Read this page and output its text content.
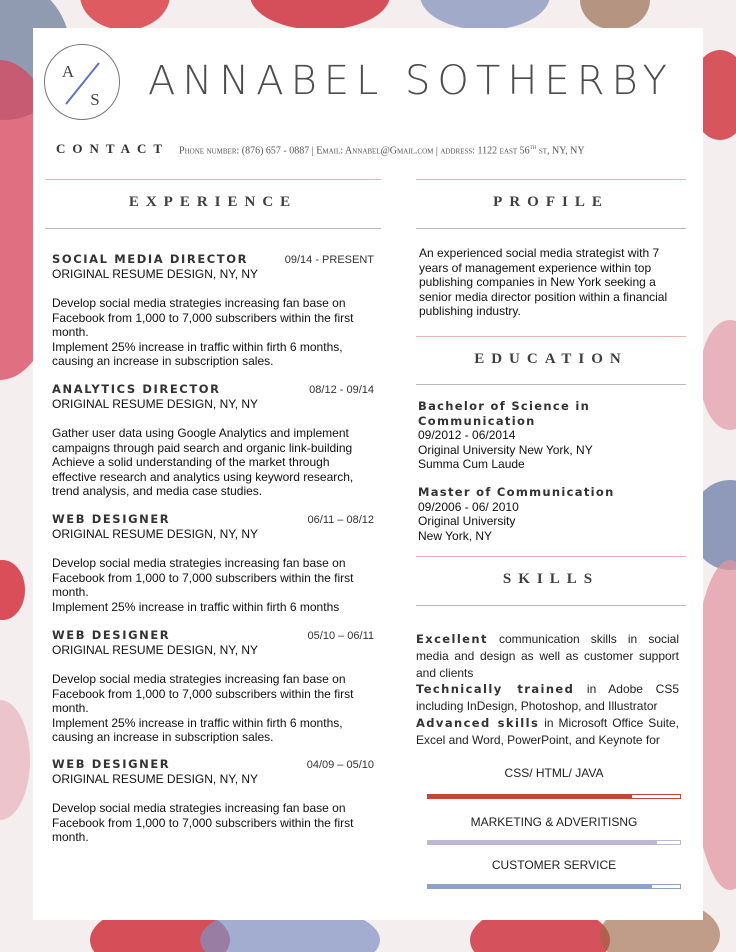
A
S ANNABEL SOTHERBY
CONTACT Phone number: (876) 657 - 0887 | Email: Annabel@Gmail.com | address: 1122 east 56th st, NY, NY
EXPERIENCE	PROFILE
An experienced social media strategist with 7 years of management experience within top publishing companies in New York seeking a senior media director position within a financial publishing industry.
EDUCATION
Bachelor of Science in Communication
09/2012 - 06/2014
Original University New York, NY
Summa Cum Laude
Master of Communication
09/2006 - 06/ 2010
Original University
New York, NY
SKILLS
Excellent communication skills in social media and design as well as customer support and clients
Technically trained in Adobe CS5 including InDesign, Photoshop, and Illustrator
Advanced skills in Microsoft Office Suite, Excel and Word, PowerPoint, and Keynote for
CSS/ HTML/ JAVA
MARKETING & ADVERITISNG
CUSTOMER SERVICE
SOCIAL MEDIA DIRECTOR	09/14 - PRESENT
ORIGINAL RESUME DESIGN, NY, NY

Develop social media strategies increasing fan base on Facebook from 1,000 to 7,000 subscribers within the first month.

Implement 25% increase in traffic within firth 6 months, causing an increase in subscription sales.

ANALYTICS DIRECTOR	08/12 - 09/14
ORIGINAL RESUME DESIGN, NY, NY

Gather user data using Google Analytics and implement campaigns through paid search and organic link-building Achieve a solid understanding of the market through effective research and analytics using keyword research, trend analysis, and media case studies.

WEB DESIGNER	06/11 – 08/12
ORIGINAL RESUME DESIGN, NY, NY

Develop social media strategies increasing fan base on Facebook from 1,000 to 7,000 subscribers within the first month.

Implement 25% increase in traffic within firth 6 months

WEB DESIGNER	05/10 – 06/11
ORIGINAL RESUME DESIGN, NY, NY

Develop social media strategies increasing fan base on Facebook from 1,000 to 7,000 subscribers within the first month.

Implement 25% increase in traffic within firth 6 months, causing an increase in subscription sales.

WEB DESIGNER	04/09 – 05/10
ORIGINAL RESUME DESIGN, NY, NY

Develop social media strategies increasing fan base on Facebook from 1,000 to 7,000 subscribers within the first month.
